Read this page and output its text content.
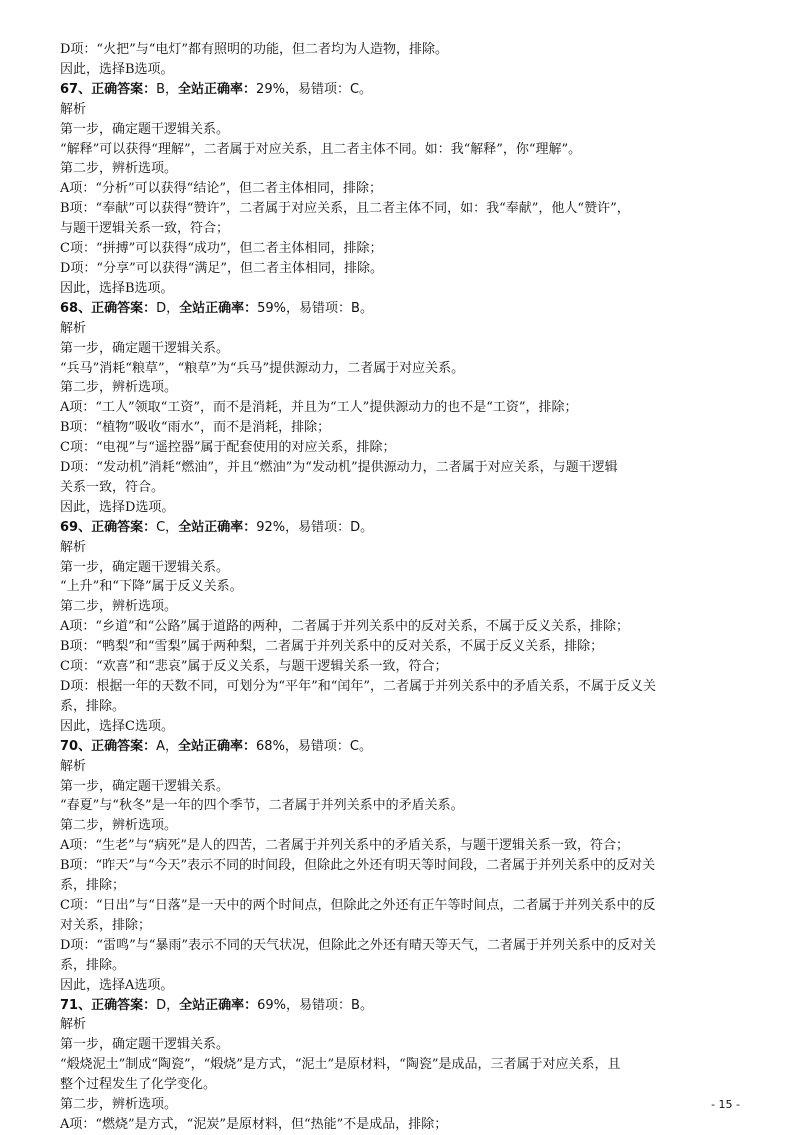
D项：“火把”与“电灯”都有照明的功能，但二者均为人造物，排除。
因此，选择B选项。
67、正确答案：B，全站正确率：29%，易错项：C。
解析
第一步，确定题干逻辑关系。
“解释”可以获得“理解”，二者属于对应关系，且二者主体不同。如：我“解释”，你“理解”。
第二步，辨析选项。
A项：“分析”可以获得“结论”，但二者主体相同，排除；
B项：“奉献”可以获得“赞许”，二者属于对应关系，且二者主体不同，如：我“奉献”，他人“赞许”，
与题干逻辑关系一致，符合；
C项：“拼搏”可以获得“成功”，但二者主体相同，排除；
D项：“分享”可以获得“满足”，但二者主体相同，排除。
因此，选择B选项。
68、正确答案：D，全站正确率：59%，易错项：B。
解析
第一步，确定题干逻辑关系。
“兵马”消耗“粮草”，“粮草”为“兵马”提供源动力，二者属于对应关系。
第二步，辨析选项。
A项：“工人”领取“工资”，而不是消耗，并且为“工人”提供源动力的也不是“工资”，排除；
B项：“植物”吸收“雨水”，而不是消耗，排除；
C项：“电视”与“遥控器”属于配套使用的对应关系，排除；
D项：“发动机”消耗“燃油”，并且“燃油”为“发动机”提供源动力，二者属于对应关系，与题干逻辑
关系一致，符合。
因此，选择D选项。
69、正确答案：C，全站正确率：92%，易错项：D。
解析
第一步，确定题干逻辑关系。
“上升”和“下降”属于反义关系。
第二步，辨析选项。
A项：“乡道”和“公路”属于道路的两种，二者属于并列关系中的反对关系，不属于反义关系，排除；
B项：“鸭梨”和“雪梨”属于两种梨，二者属于并列关系中的反对关系，不属于反义关系，排除；
C项：“欢喜”和“悲哀”属于反义关系，与题干逻辑关系一致，符合；
D项：根据一年的天数不同，可划分为“平年”和“闰年”，二者属于并列关系中的矛盾关系，不属于反义关
系，排除。
因此，选择C选项。
70、正确答案：A，全站正确率：68%，易错项：C。
解析
第一步，确定题干逻辑关系。
“春夏”与“秋冬”是一年的四个季节，二者属于并列关系中的矛盾关系。
第二步，辨析选项。
A项：“生老”与“病死”是人的四苦，二者属于并列关系中的矛盾关系，与题干逻辑关系一致，符合；
B项：“昨天”与“今天”表示不同的时间段，但除此之外还有明天等时间段，二者属于并列关系中的反对关
系，排除；
C项：“日出”与“日落”是一天中的两个时间点，但除此之外还有正午等时间点，二者属于并列关系中的反
对关系，排除；
D项：“雷鸣”与“暴雨”表示不同的天气状况，但除此之外还有晴天等天气，二者属于并列关系中的反对关
系，排除。
因此，选择A选项。
71、正确答案：D，全站正确率：69%，易错项：B。
解析
第一步，确定题干逻辑关系。
“煅烧泥土”制成“陶瓷”，“煅烧”是方式，“泥土”是原材料，“陶瓷”是成品，三者属于对应关系，且
整个过程发生了化学变化。
第二步，辨析选项。
A项：“燃烧”是方式，“泥炭”是原材料，但“热能”不是成品，排除；
- 15 -
